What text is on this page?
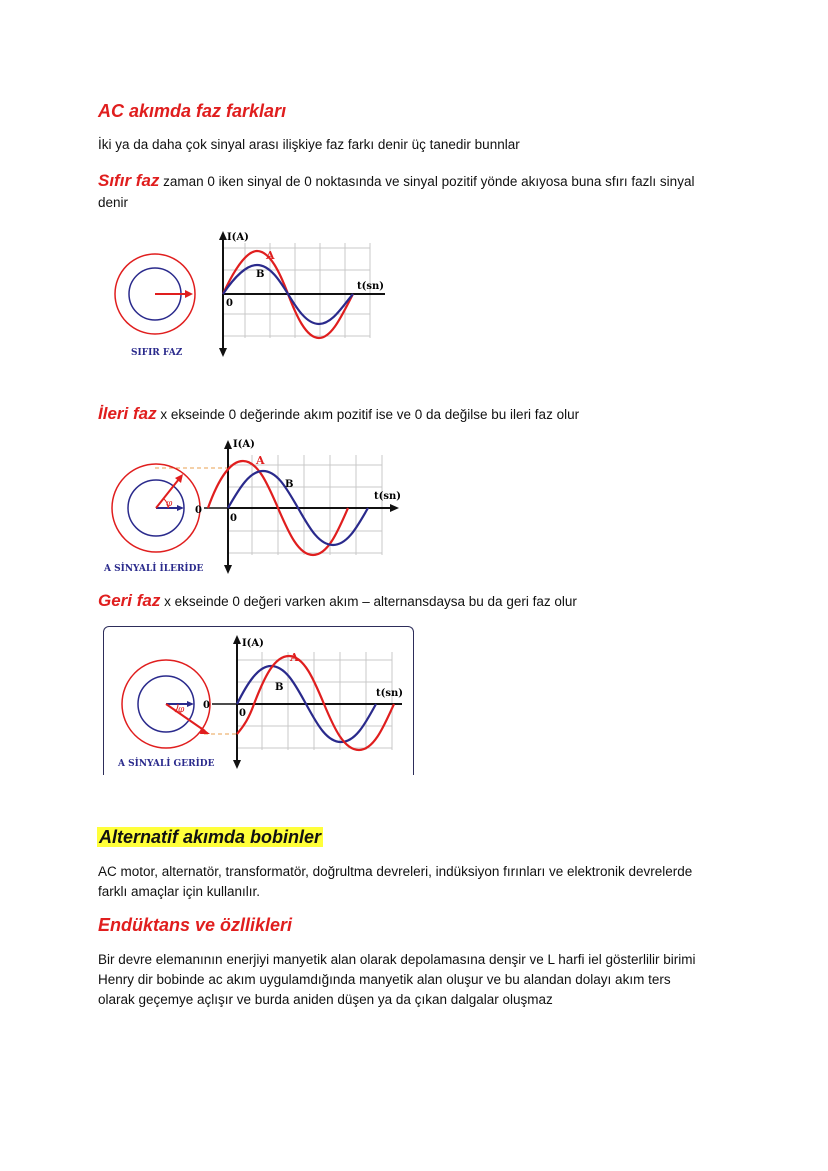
AC akımda faz farkları
İki ya da daha çok sinyal arası ilişkiye faz farkı denir üç tanedir bunnlar
Sıfır faz zaman 0 iken sinyal de 0 noktasında ve sinyal pozitif yönde akıyosa buna sfırı fazlı sinyal
denir
I(A)
t(sn)
0
A
B
SIFIR FAZ
İleri faz x ekseinde 0 değerinde akım pozitif ise ve 0 da değilse bu ileri faz olur
φ
0
I(A)
t(sn)
0
A
B
A SİNYALİ İLERİDE
Geri faz x ekseinde 0 değeri varken akım – alternansdaysa bu da geri faz olur
φ 0
I(A)
t(sn)
0
A
B
A SİNYALİ GERİDE
Alternatif akımda bobinler
AC motor, alternatör, transformatör, doğrultma devreleri, indüksiyon fırınları ve elektronik devrelerde
farklı amaçlar için kullanılır.
Endüktans ve özllikleri
Bir devre elemanının enerjiyi manyetik alan olarak depolamasına denşir ve L harfi iel gösterlilir birimi
Henry dir bobinde ac akım uygulamdığında manyetik alan oluşur ve bu alandan dolayı akım ters
olarak geçemye açlışır ve burda aniden düşen ya da çıkan dalgalar oluşmaz
